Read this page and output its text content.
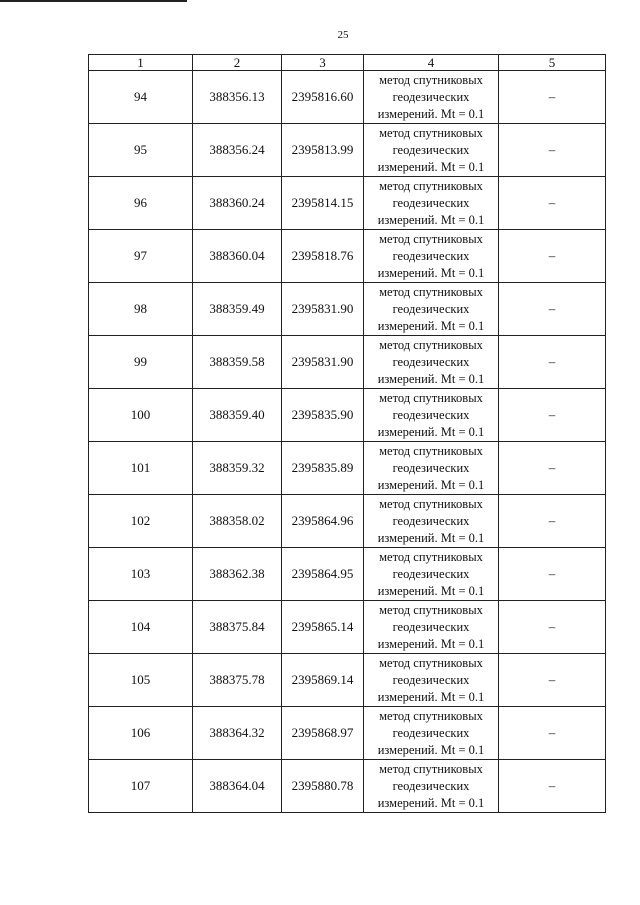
25
1	2	3	4	5
94	388356.13	2395816.60	метод спутниковых
геодезических
измерений. Mt = 0.1	–
95	388356.24	2395813.99	метод спутниковых
геодезических
измерений. Mt = 0.1	–
96	388360.24	2395814.15	метод спутниковых
геодезических
измерений. Mt = 0.1	–
97	388360.04	2395818.76	метод спутниковых
геодезических
измерений. Mt = 0.1	–
98	388359.49	2395831.90	метод спутниковых
геодезических
измерений. Mt = 0.1	–
99	388359.58	2395831.90	метод спутниковых
геодезических
измерений. Mt = 0.1	–
100	388359.40	2395835.90	метод спутниковых
геодезических
измерений. Mt = 0.1	–
101	388359.32	2395835.89	метод спутниковых
геодезических
измерений. Mt = 0.1	–
102	388358.02	2395864.96	метод спутниковых
геодезических
измерений. Mt = 0.1	–
103	388362.38	2395864.95	метод спутниковых
геодезических
измерений. Mt = 0.1	–
104	388375.84	2395865.14	метод спутниковых
геодезических
измерений. Mt = 0.1	–
105	388375.78	2395869.14	метод спутниковых
геодезических
измерений. Mt = 0.1	–
106	388364.32	2395868.97	метод спутниковых
геодезических
измерений. Mt = 0.1	–
107	388364.04	2395880.78	метод спутниковых
геодезических
измерений. Mt = 0.1	–
